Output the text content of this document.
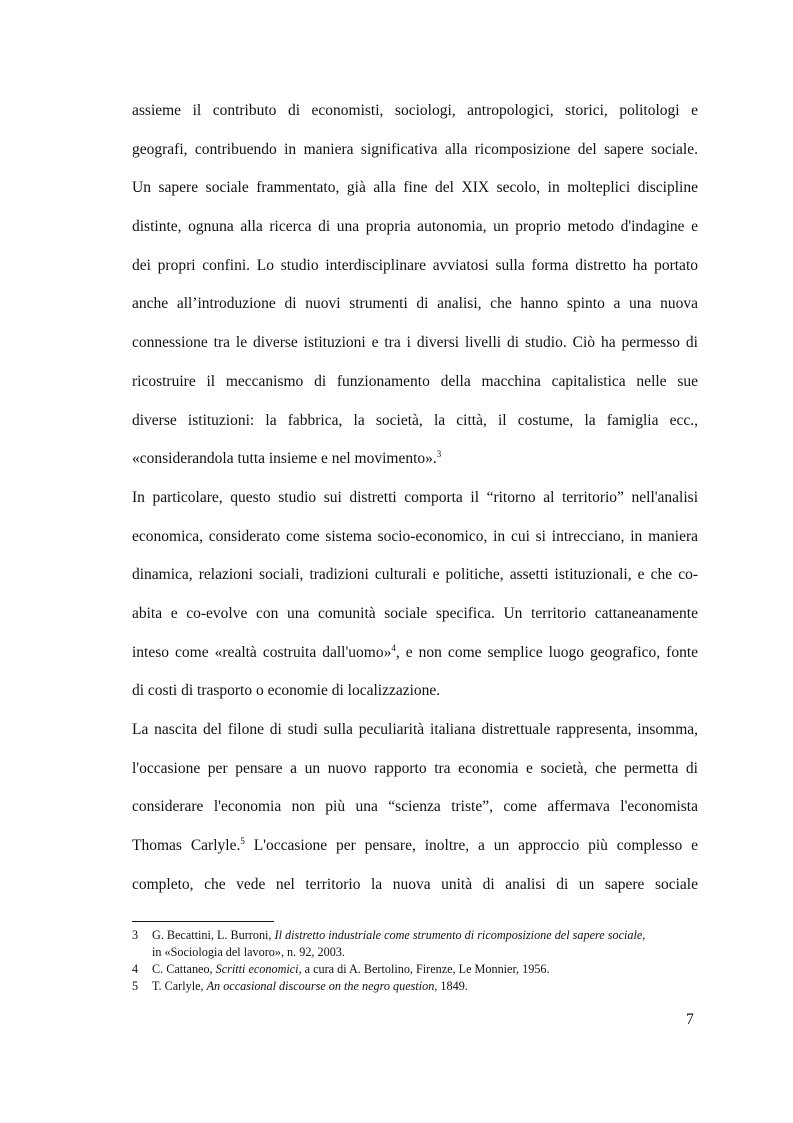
assieme il contributo di economisti, sociologi, antropologici, storici, politologi e
geografi, contribuendo in maniera significativa alla ricomposizione del sapere sociale.
Un sapere sociale frammentato, già alla fine del XIX secolo, in molteplici discipline
distinte, ognuna alla ricerca di una propria autonomia, un proprio metodo d'indagine e
dei propri confini. Lo studio interdisciplinare avviatosi sulla forma distretto ha portato
anche all’introduzione di nuovi strumenti di analisi, che hanno spinto a una nuova
connessione tra le diverse istituzioni e tra i diversi livelli di studio. Ciò ha permesso di
ricostruire il meccanismo di funzionamento della macchina capitalistica nelle sue
diverse istituzioni: la fabbrica, la società, la città, il costume, la famiglia ecc.,
«considerandola tutta insieme e nel movimento».$^3$

In particolare, questo studio sui distretti comporta il “ritorno al territorio” nell'analisi
economica, considerato come sistema socio-economico, in cui si intrecciano, in maniera
dinamica, relazioni sociali, tradizioni culturali e politiche, assetti istituzionali, e che co-
abita e co-evolve con una comunità sociale specifica. Un territorio cattaneanamente
inteso come «realtà costruita dall'uomo»$^4$, e non come semplice luogo geografico, fonte
di costi di trasporto o economie di localizzazione.

La nascita del filone di studi sulla peculiarità italiana distrettuale rappresenta, insomma,
l'occasione per pensare a un nuovo rapporto tra economia e società, che permetta di
considerare l'economia non più una “scienza triste”, come affermava l'economista
Thomas Carlyle.$^5$ L'occasione per pensare, inoltre, a un approccio più complesso e
completo, che vede nel territorio la nuova unità di analisi di un sapere sociale

3 G. Becattini, L. Burroni, Il distretto industriale come strumento di ricomposizione del sapere sociale,
in «Sociologia del lavoro», n. 92, 2003.
4 C. Cattaneo, Scritti economici, a cura di A. Bertolino, Firenze, Le Monnier, 1956.
5 T. Carlyle, An occasional discourse on the negro question, 1849.
7
